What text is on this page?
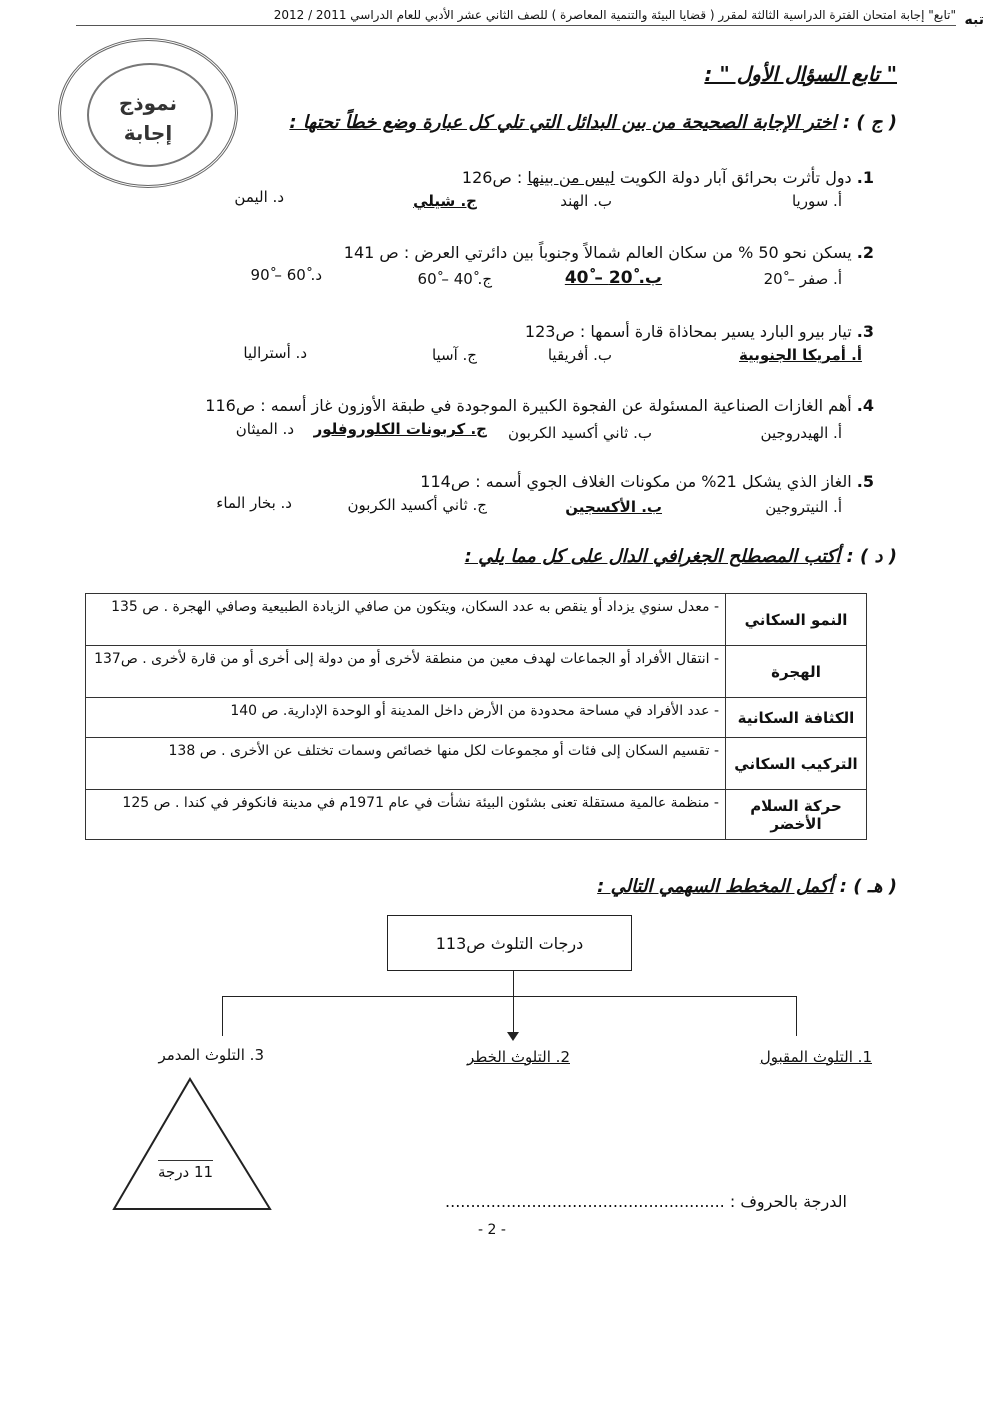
"تابع" إجابة امتحان الفترة الدراسية الثالثة لمقرر ( قضايا البيئة والتنمية المعاصرة ) للصف الثاني عشر الأدبي للعام الدراسي 2011 / 2012 تبه
نموذج
إجابة
" تابع السؤال الأول " :
( ج ) : اختر الإجابة الصحيحة من بين البدائل التي تلي كل عبارة وضع خطاً تحتها :
1. دول تأثرت بحرائق آبار دولة الكويت ليس من بينها : ص126
أ. سوريا
ب. الهند
ج. شيلي
د. اليمن
2. يسكن نحو 50 % من سكان العالم شمالاً وجنوباً بين دائرتي العرض : ص 141
أ. صفر – 20ْ
ب. 20ْ – 40ْ
ج. 40ْ – 60ْ
د. 60ْ – 90ْ
3. تيار بيرو البارد يسير بمحاذاة قارة أسمها : ص123
أ. أمريكا الجنوبية
ب. أفريقيا
ج. آسيا
د. أستراليا
4. أهم الغازات الصناعية المسئولة عن الفجوة الكبيرة الموجودة في طبقة الأوزون غاز أسمه : ص116
أ. الهيدروجين
ب. ثاني أكسيد الكربون
ج. كربونات الكلوروفلور
د. الميثان
5. الغاز الذي يشكل 21% من مكونات الغلاف الجوي أسمه : ص114
أ. النيتروجين
ب. الأكسجين
ج. ثاني أكسيد الكربون
د. بخار الماء
( د ) : أكتب المصطلح الجغرافي الدال على كل مما يلي :
- معدل سنوي يزداد أو ينقص به عدد السكان، ويتكون من صافي الزيادة الطبيعية وصافي الهجرة . ص 135	النمو السكاني
- انتقال الأفراد أو الجماعات لهدف معين من منطقة لأخرى أو من دولة إلى أخرى أو من قارة لأخرى . ص137	الهجرة
- عدد الأفراد في مساحة محدودة من الأرض داخل المدينة أو الوحدة الإدارية. ص 140	الكثافة السكانية
- تقسيم السكان إلى فئات أو مجموعات لكل منها خصائص وسمات تختلف عن الأخرى . ص 138	التركيب السكاني
- منظمة عالمية مستقلة تعنى بشئون البيئة نشأت في عام 1971م في مدينة فانكوفر في كندا . ص 125	حركة السلام الأخضر
( هـ ) : أكمل المخطط السهمي التالي :
درجات التلوث ص113
1. التلوث المقبول
2. التلوث الخطر
3. التلوث المدمر
11 درجة
الدرجة بالحروف : .......................................................
- 2 -
